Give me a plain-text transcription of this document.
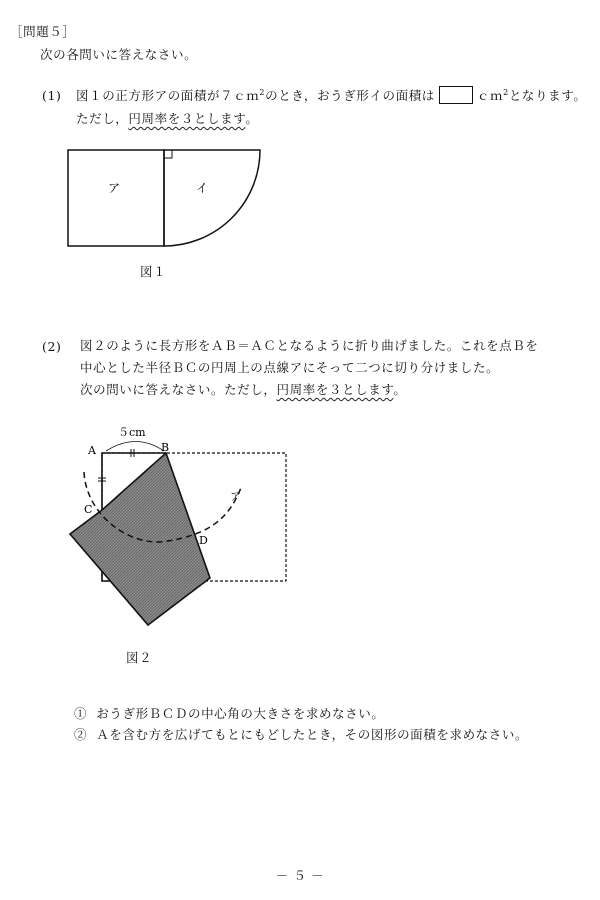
［問題５］
次の各問いに答えなさい。
(1) 図１の正方形アの面積が７ｃｍ$^2$のとき，おうぎ形イの面積は	ｃｍ$^2$となります。
ただし，円周率を３とします。
ア	イ
図１
(2) 図２のように長方形をＡＢ＝ＡＣとなるように折り曲げました。これを点Ｂを
中心とした半径ＢＣの円周上の点線アにそって二つに切り分けました。
次の問いに答えなさい。ただし，円周率を３とします。
５cm
A	B
C
D
ア
図２
① おうぎ形ＢＣＤの中心角の大きさを求めなさい。
② Ａを含む方を広げてもとにもどしたとき，その図形の面積を求めなさい。
－ ５ －
